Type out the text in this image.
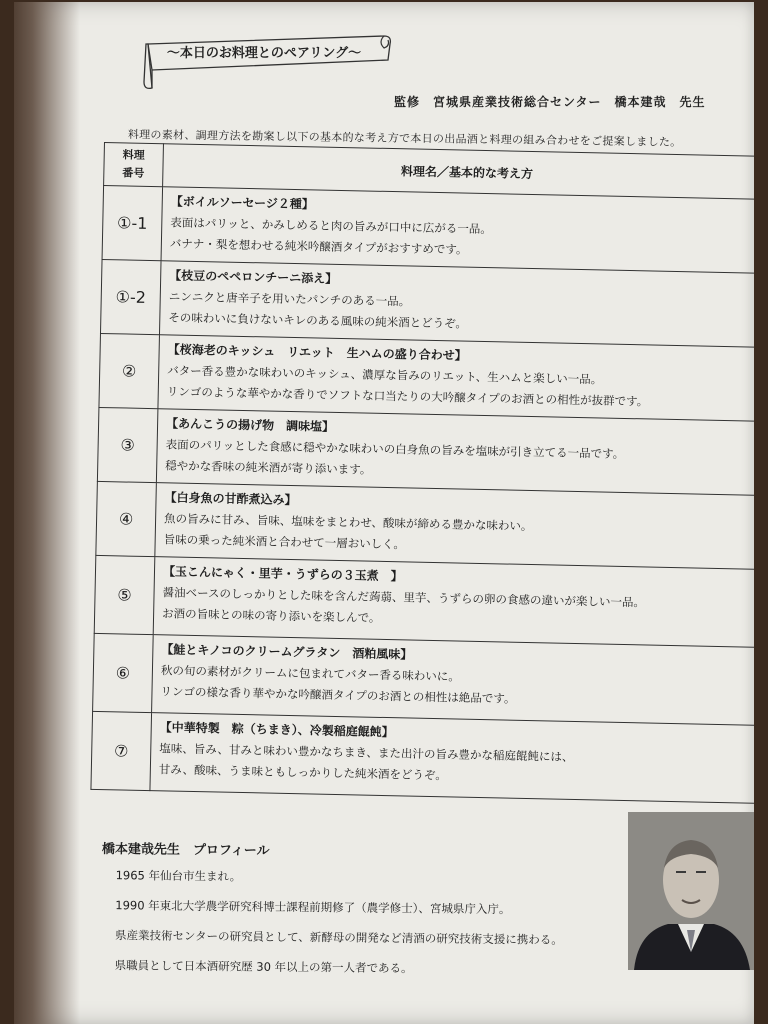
～本日のお料理とのペアリング～
監修　宮城県産業技術総合センター　橋本建哉　先生
料理の素材、調理方法を勘案し以下の基本的な考え方で本日の出品酒と料理の組み合わせをご提案しました。
料理
番号	料理名／基本的な考え方
①-1	【ボイルソーセージ２種】
表面はパリッと、かみしめると肉の旨みが口中に広がる一品。
バナナ・梨を想わせる純米吟醸酒タイプがおすすめです。

①-2	【枝豆のペペロンチーニ添え】
ニンニクと唐辛子を用いたパンチのある一品。
その味わいに負けないキレのある風味の純米酒とどうぞ。

②	【桜海老のキッシュ　リエット　生ハムの盛り合わせ】
バター香る豊かな味わいのキッシュ、濃厚な旨みのリエット、生ハムと楽しい一品。
リンゴのような華やかな香りでソフトな口当たりの大吟醸タイプのお酒との相性が抜群です。

③	【あんこうの揚げ物　調味塩】
表面のパリッとした食感に穏やかな味わいの白身魚の旨みを塩味が引き立てる一品です。
穏やかな香味の純米酒が寄り添います。

④	【白身魚の甘酢煮込み】
魚の旨みに甘み、旨味、塩味をまとわせ、酸味が締める豊かな味わい。
旨味の乗った純米酒と合わせて一層おいしく。

⑤	【玉こんにゃく・里芋・うずらの３玉煮　】
醤油ベースのしっかりとした味を含んだ蒟蒻、里芋、うずらの卵の食感の違いが楽しい一品。
お酒の旨味との味の寄り添いを楽しんで。

⑥	【鮭とキノコのクリームグラタン　酒粕風味】
秋の旬の素材がクリームに包まれてバター香る味わいに。
リンゴの様な香り華やかな吟醸酒タイプのお酒との相性は絶品です。

⑦	【中華特製　粽（ちまき）、冷製稲庭餛飩】
塩味、旨み、甘みと味わい豊かなちまき、また出汁の旨み豊かな稲庭餛飩には、
甘み、酸味、うま味ともしっかりした純米酒をどうぞ。
橋本建哉先生　プロフィール
1965 年仙台市生まれ。
1990 年東北大学農学研究科博士課程前期修了（農学修士）、宮城県庁入庁。
県産業技術センターの研究員として、新酵母の開発など清酒の研究技術支援に携わる。
県職員として日本酒研究歴 30 年以上の第一人者である。
